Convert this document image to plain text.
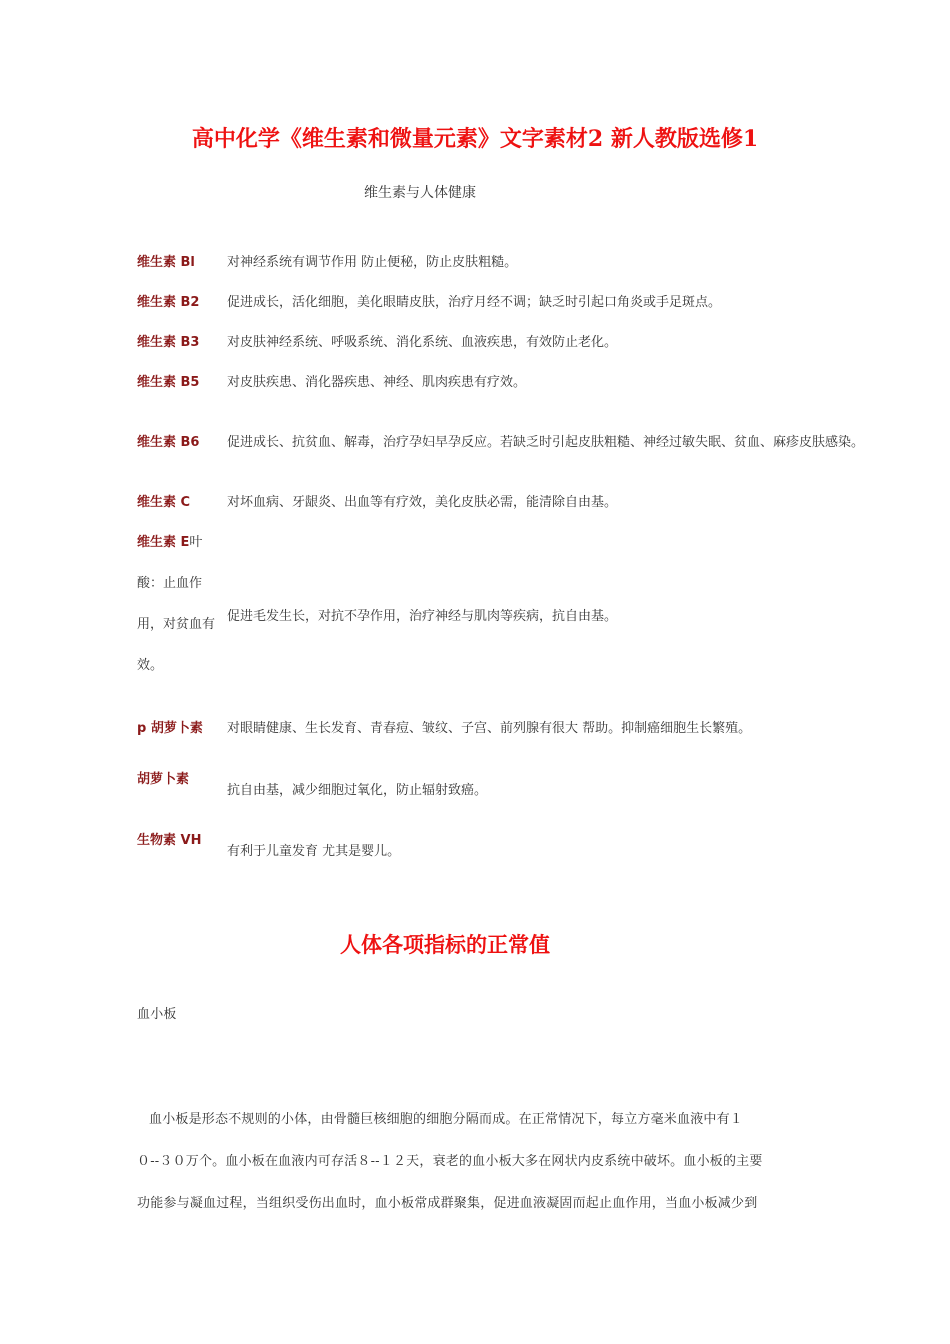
高中化学《维生素和微量元素》文字素材2 新人教版选修1
维生素与人体健康
维生素 Bl 对神经系统有调节作用 防止便秘，防止皮肤粗糙。
维生素 B2 促进成长，活化细胞，美化眼睛皮肤，治疗月经不调；缺乏时引起口角炎或手足斑点。
维生素 B3 对皮肤神经系统、呼吸系统、消化系统、血液疾患，有效防止老化。
维生素 B5 对皮肤疾患、消化器疾患、神经、肌肉疾患有疗效。
维生素 B6 促进成长、抗贫血、解毒，治疗孕妇早孕反应。若缺乏时引起皮肤粗糙、神经过敏失眠、贫血、麻疹皮肤感染。
维生素 C	对坏血病、牙龈炎、出血等有疗效，美化皮肤必需，能清除自由基。
维生素 E叶
酸：止血作
用，对贫血有
促进毛发生长，对抗不孕作用，治疗神经与肌肉等疾病，抗自由基。
效。
p 胡萝卜素 对眼睛健康、生长发育、青春痘、皱纹、子宫、前列腺有很大 帮助。抑制癌细胞生长繁殖。
胡萝卜素
抗自由基，减少细胞过氧化，防止辐射致癌。
生物素 VH
有利于儿童发育 尤其是婴儿。
人体各项指标的正常值
血小板
血小板是形态不规则的小体，由骨髓巨核细胞的细胞分隔而成。在正常情况下，每立方毫米血液中有１
０--３０万个。血小板在血液内可存活８--１２天，衰老的血小板大多在网状内皮系统中破坏。血小板的主要
功能参与凝血过程，当组织受伤出血时，血小板常成群聚集，促进血液凝固而起止血作用，当血小板减少到
